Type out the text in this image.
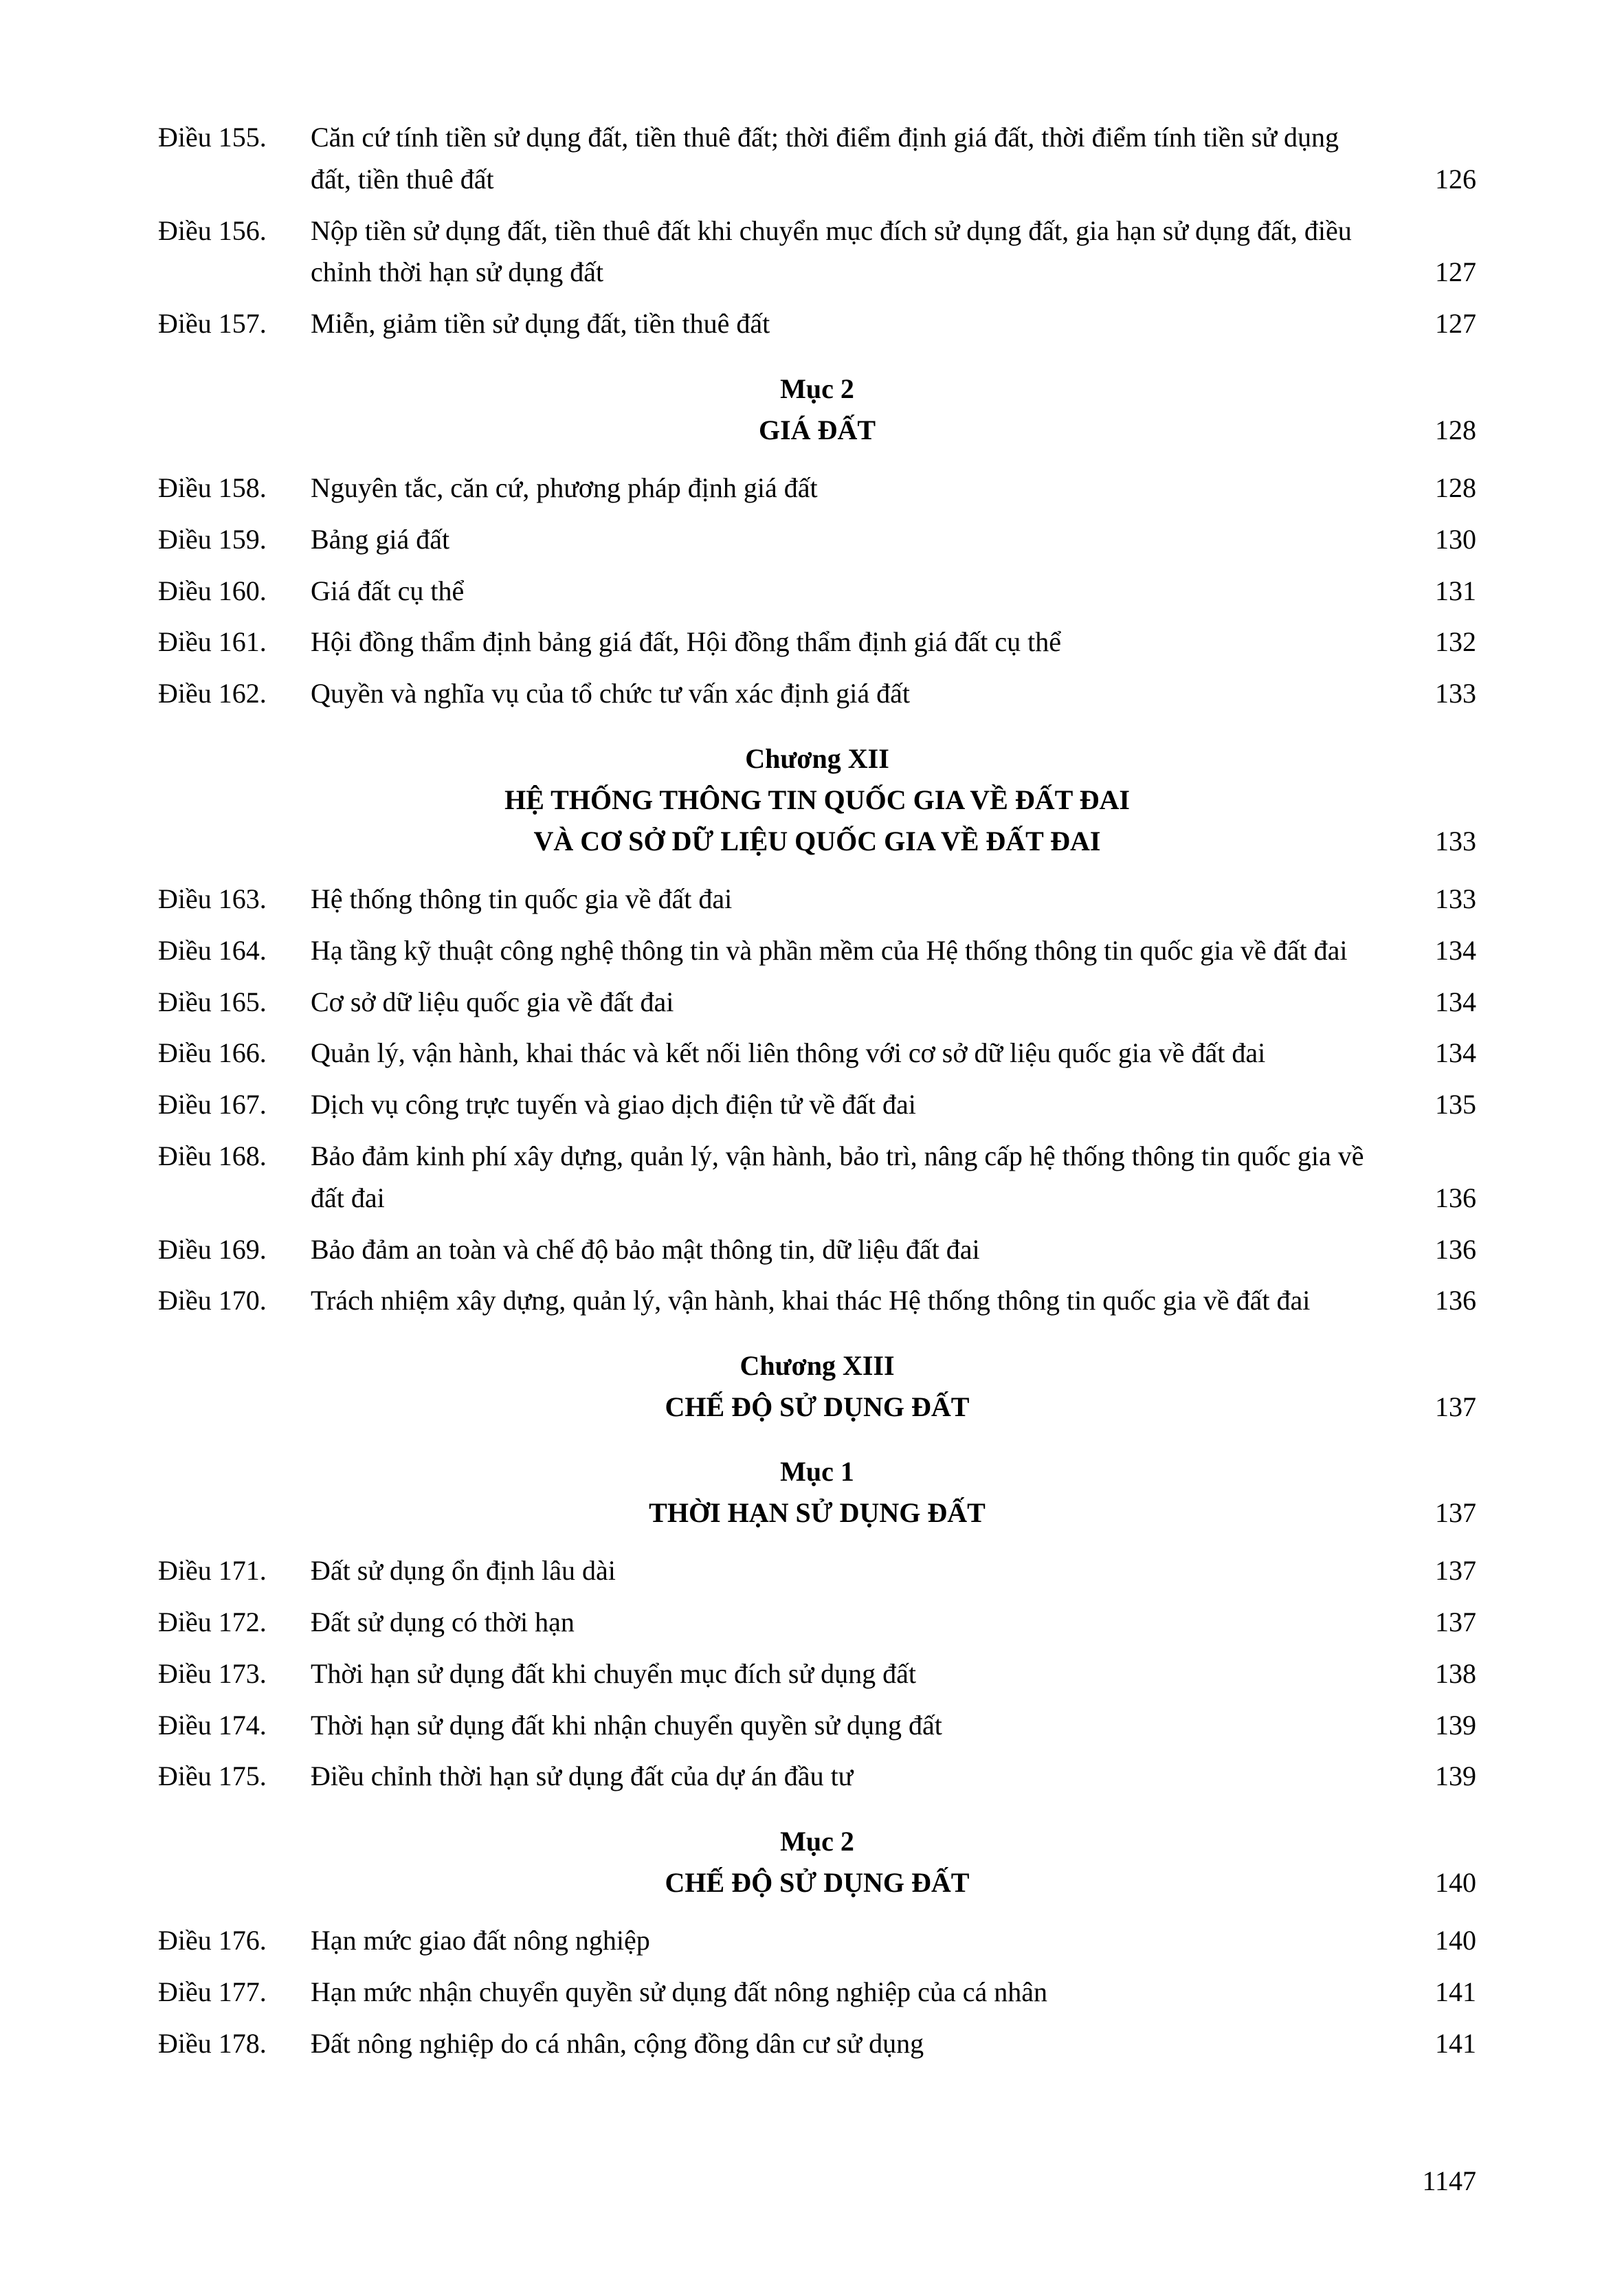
Điều 155.	Căn cứ tính tiền sử dụng đất, tiền thuê đất; thời điểm định giá đất, thời điểm tính tiền sử dụng đất, tiền thuê đất	126
Điều 156.	Nộp tiền sử dụng đất, tiền thuê đất khi chuyển mục đích sử dụng đất, gia hạn sử dụng đất, điều chỉnh thời hạn sử dụng đất	127
Điều 157.	Miễn, giảm tiền sử dụng đất, tiền thuê đất	127
Mục 2
GIÁ ĐẤT	128
Điều 158.	Nguyên tắc, căn cứ, phương pháp định giá đất	128
Điều 159.	Bảng giá đất	130
Điều 160.	Giá đất cụ thể	131
Điều 161.	Hội đồng thẩm định bảng giá đất, Hội đồng thẩm định giá đất cụ thể	132
Điều 162.	Quyền và nghĩa vụ của tổ chức tư vấn xác định giá đất	133
Chương XII
HỆ THỐNG THÔNG TIN QUỐC GIA VỀ ĐẤT ĐAI
VÀ CƠ SỞ DỮ LIỆU QUỐC GIA VỀ ĐẤT ĐAI	133
Điều 163.	Hệ thống thông tin quốc gia về đất đai	133
Điều 164.	Hạ tầng kỹ thuật công nghệ thông tin và phần mềm của Hệ thống thông tin quốc gia về đất đai	134
Điều 165.	Cơ sở dữ liệu quốc gia về đất đai	134
Điều 166.	Quản lý, vận hành, khai thác và kết nối liên thông với cơ sở dữ liệu quốc gia về đất đai	134
Điều 167.	Dịch vụ công trực tuyến và giao dịch điện tử về đất đai	135
Điều 168.	Bảo đảm kinh phí xây dựng, quản lý, vận hành, bảo trì, nâng cấp hệ thống thông tin quốc gia về đất đai	136
Điều 169.	Bảo đảm an toàn và chế độ bảo mật thông tin, dữ liệu đất đai	136
Điều 170.	Trách nhiệm xây dựng, quản lý, vận hành, khai thác Hệ thống thông tin quốc gia về đất đai	136
Chương XIII
CHẾ ĐỘ SỬ DỤNG ĐẤT	137
Mục 1
THỜI HẠN SỬ DỤNG ĐẤT	137
Điều 171.	Đất sử dụng ổn định lâu dài	137
Điều 172.	Đất sử dụng có thời hạn	137
Điều 173.	Thời hạn sử dụng đất khi chuyển mục đích sử dụng đất	138
Điều 174.	Thời hạn sử dụng đất khi nhận chuyển quyền sử dụng đất	139
Điều 175.	Điều chỉnh thời hạn sử dụng đất của dự án đầu tư	139
Mục 2
CHẾ ĐỘ SỬ DỤNG ĐẤT	140
Điều 176.	Hạn mức giao đất nông nghiệp	140
Điều 177.	Hạn mức nhận chuyển quyền sử dụng đất nông nghiệp của cá nhân	141
Điều 178.	Đất nông nghiệp do cá nhân, cộng đồng dân cư sử dụng	141
1147
